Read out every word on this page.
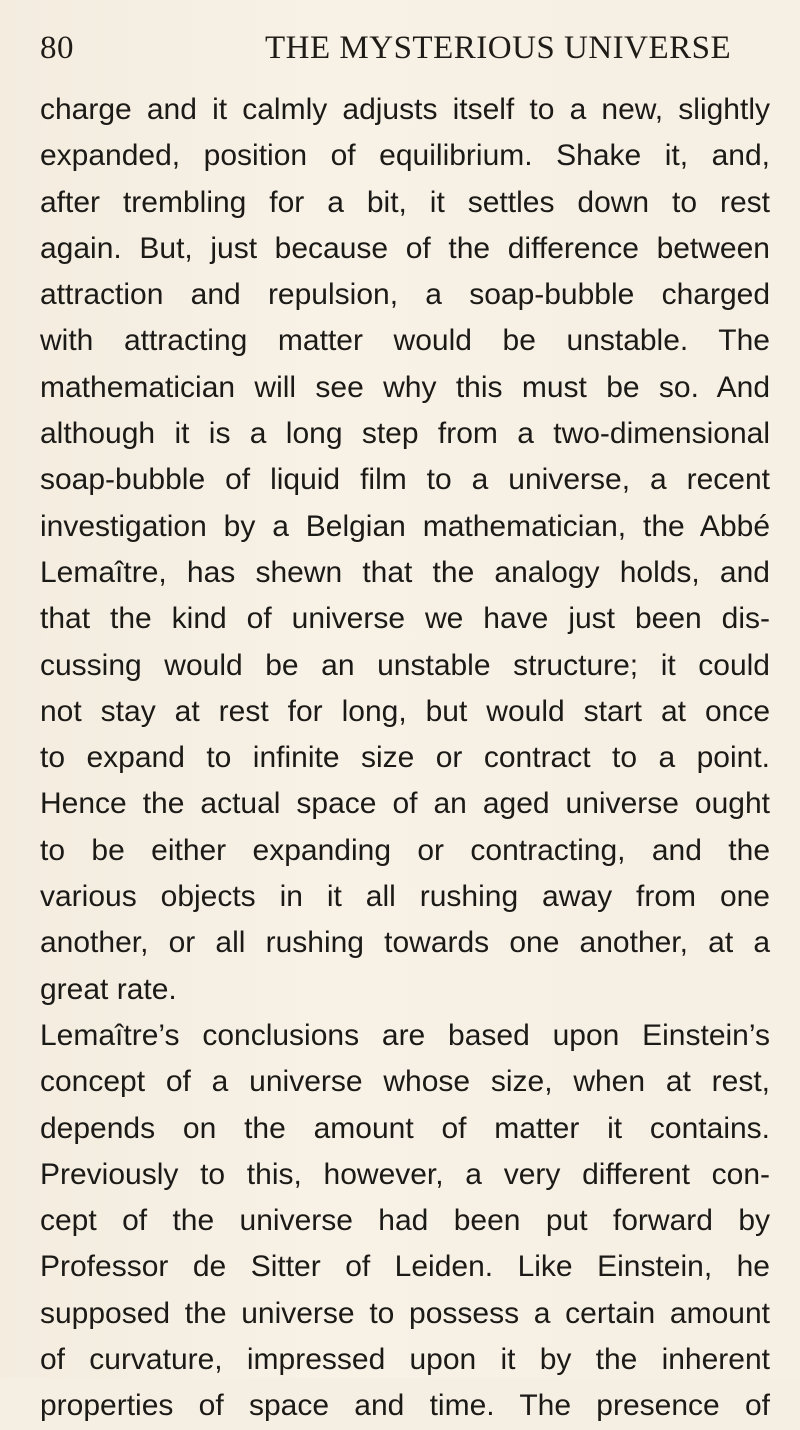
80	THE MYSTERIOUS UNIVERSE
charge and it calmly adjusts itself to a new, slightly
expanded, position of equilibrium. Shake it, and,
after trembling for a bit, it settles down to rest
again. But, just because of the difference between
attraction and repulsion, a soap-bubble charged
with attracting matter would be unstable. The
mathematician will see why this must be so. And
although it is a long step from a two-dimensional
soap-bubble of liquid film to a universe, a recent
investigation by a Belgian mathematician, the Abbé
Lemaître, has shewn that the analogy holds, and
that the kind of universe we have just been dis-
cussing would be an unstable structure; it could
not stay at rest for long, but would start at once
to expand to infinite size or contract to a point.
Hence the actual space of an aged universe ought
to be either expanding or contracting, and the
various objects in it all rushing away from one
another, or all rushing towards one another, at a
great rate.
Lemaître’s conclusions are based upon Einstein’s
concept of a universe whose size, when at rest,
depends on the amount of matter it contains.
Previously to this, however, a very different con-
cept of the universe had been put forward by
Professor de Sitter of Leiden. Like Einstein, he
supposed the universe to possess a certain amount
of curvature, impressed upon it by the inherent
properties of space and time. The presence of
